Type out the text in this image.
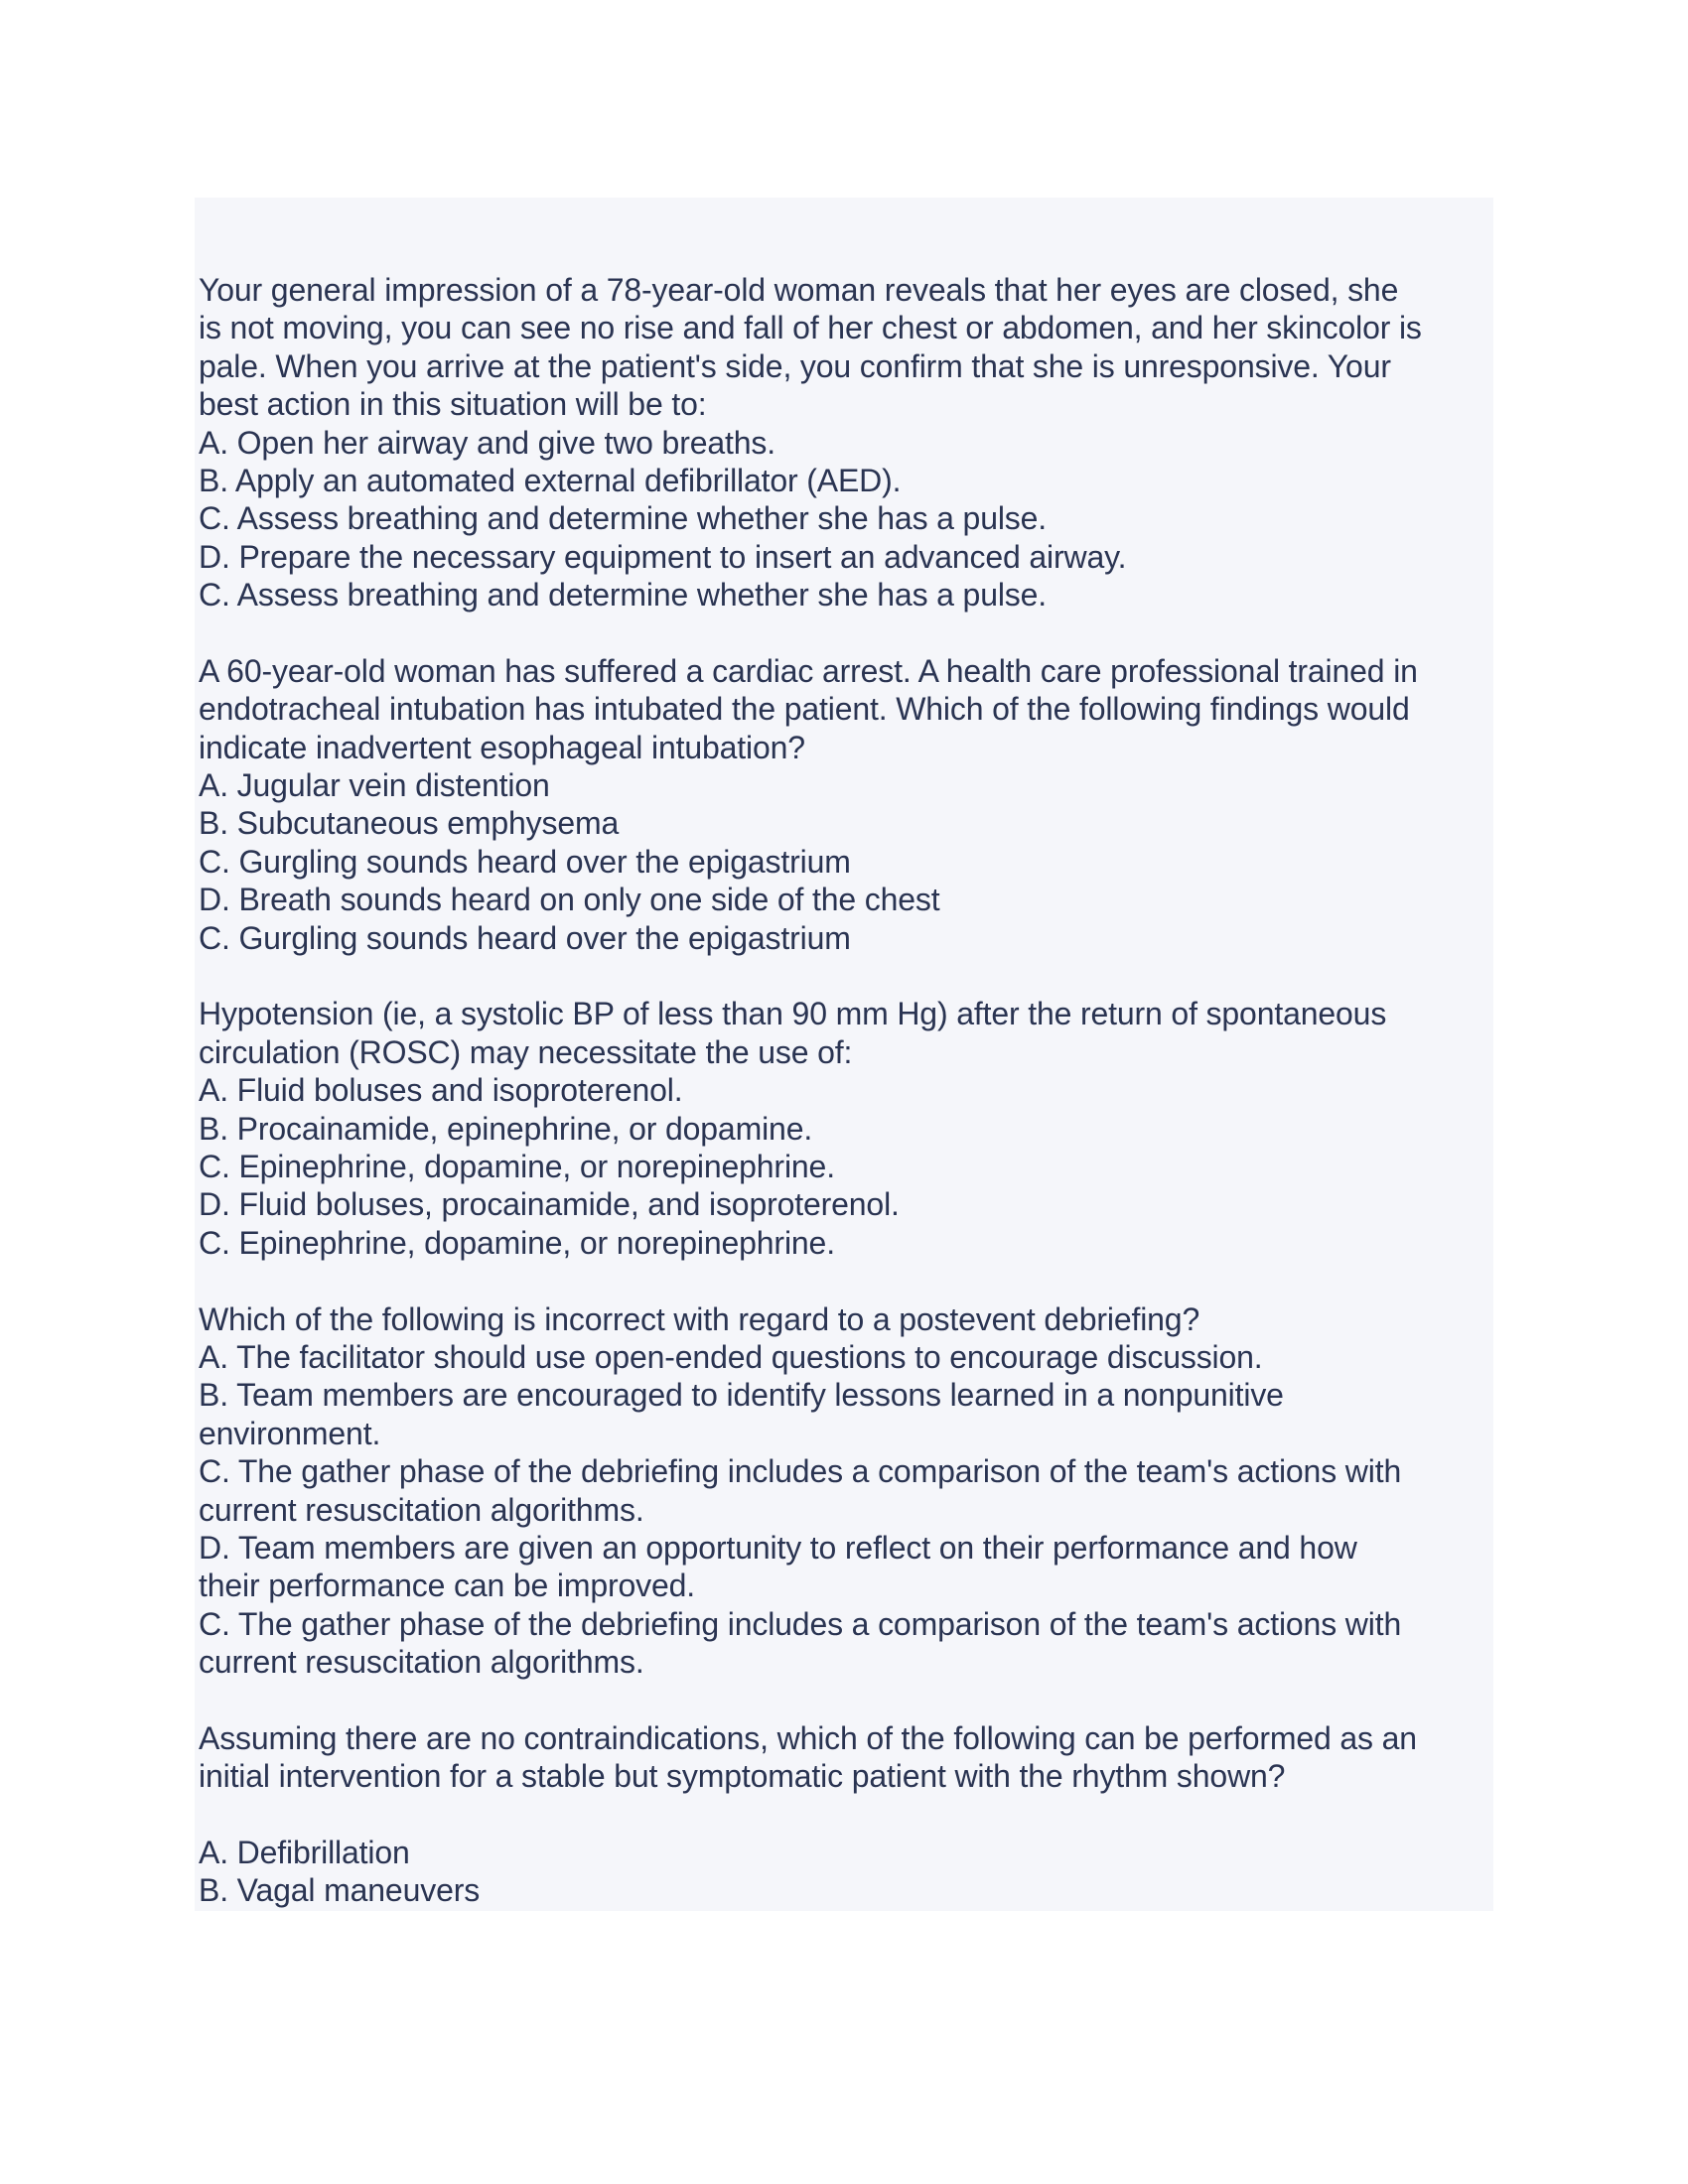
Your general impression of a 78-year-old woman reveals that her eyes are closed, she
is not moving, you can see no rise and fall of her chest or abdomen, and her skincolor is
pale. When you arrive at the patient's side, you confirm that she is unresponsive. Your
best action in this situation will be to:
A. Open her airway and give two breaths.
B. Apply an automated external defibrillator (AED).
C. Assess breathing and determine whether she has a pulse.
D. Prepare the necessary equipment to insert an advanced airway.
C. Assess breathing and determine whether she has a pulse.
A 60-year-old woman has suffered a cardiac arrest. A health care professional trained in
endotracheal intubation has intubated the patient. Which of the following findings would
indicate inadvertent esophageal intubation?
A. Jugular vein distention
B. Subcutaneous emphysema
C. Gurgling sounds heard over the epigastrium
D. Breath sounds heard on only one side of the chest
C. Gurgling sounds heard over the epigastrium
Hypotension (ie, a systolic BP of less than 90 mm Hg) after the return of spontaneous
circulation (ROSC) may necessitate the use of:
A. Fluid boluses and isoproterenol.
B. Procainamide, epinephrine, or dopamine.
C. Epinephrine, dopamine, or norepinephrine.
D. Fluid boluses, procainamide, and isoproterenol.
C. Epinephrine, dopamine, or norepinephrine.
Which of the following is incorrect with regard to a postevent debriefing?
A. The facilitator should use open-ended questions to encourage discussion.
B. Team members are encouraged to identify lessons learned in a nonpunitive
environment.
C. The gather phase of the debriefing includes a comparison of the team's actions with
current resuscitation algorithms.
D. Team members are given an opportunity to reflect on their performance and how
their performance can be improved.
C. The gather phase of the debriefing includes a comparison of the team's actions with
current resuscitation algorithms.
Assuming there are no contraindications, which of the following can be performed as an
initial intervention for a stable but symptomatic patient with the rhythm shown?
A. Defibrillation
B. Vagal maneuvers
